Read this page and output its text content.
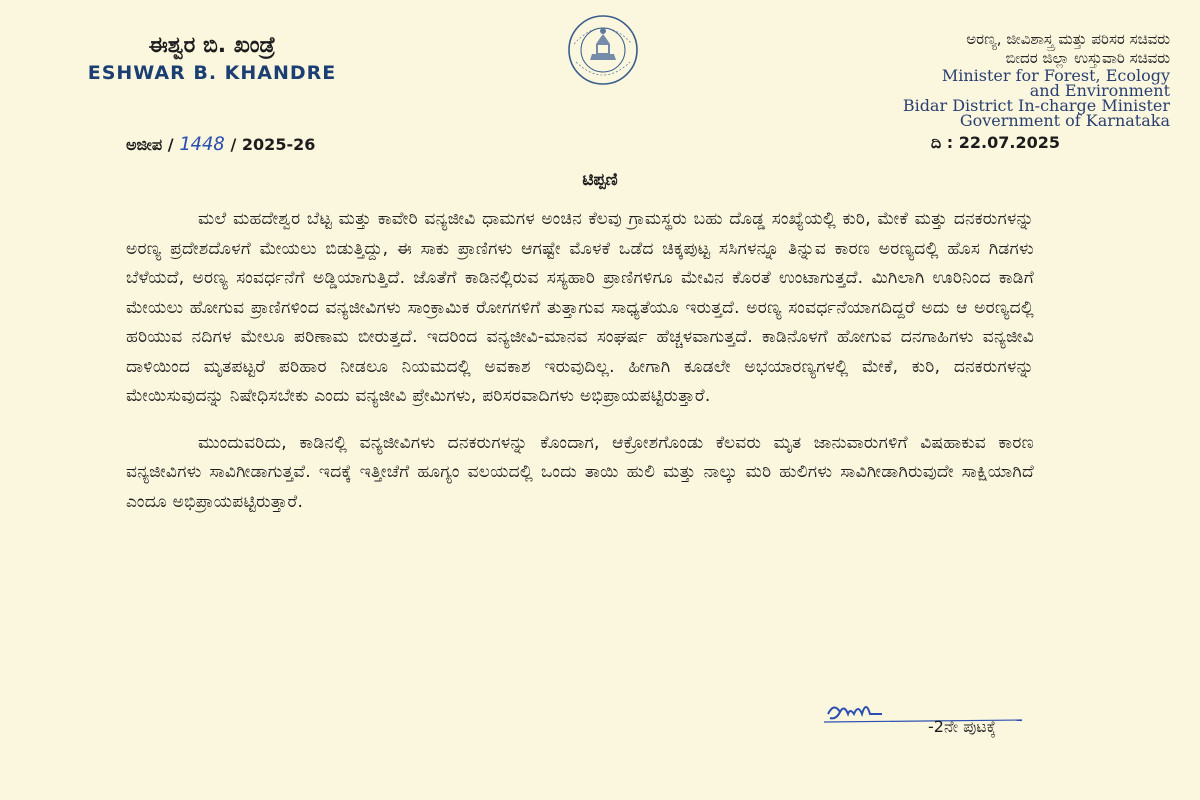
ಈಶ್ವರ ಬಿ. ಖಂಡ್ರೆ
ESHWAR B. KHANDRE
ಅರಣ್ಯ, ಜೀವಿಶಾಸ್ತ್ರ ಮತ್ತು ಪರಿಸರ ಸಚಿವರು
ಬೀದರ ಜಿಲ್ಲಾ ಉಸ್ತುವಾರಿ ಸಚಿವರು
Minister for Forest, Ecology
and Environment
Bidar District In-charge Minister
Government of Karnataka
ಅಜೀಪ / 1448 / 2025-26	ದಿ : 22.07.2025
ಟಿಪ್ಪಣಿ

ಮಲೆ ಮಹದೇಶ್ವರ ಬೆಟ್ಟ ಮತ್ತು ಕಾವೇರಿ ವನ್ಯಜೀವಿ ಧಾಮಗಳ ಅಂಚಿನ ಕೆಲವು ಗ್ರಾಮಸ್ಥರು ಬಹು ದೊಡ್ಡ ಸಂಖ್ಯೆಯಲ್ಲಿ ಕುರಿ, ಮೇಕೆ ಮತ್ತು ದನಕರುಗಳನ್ನು ಅರಣ್ಯ ಪ್ರದೇಶದೊಳಗೆ ಮೇಯಲು ಬಿಡುತ್ತಿದ್ದು, ಈ ಸಾಕು ಪ್ರಾಣಿಗಳು ಆಗಷ್ಟೇ ಮೊಳಕೆ ಒಡೆದ ಚಿಕ್ಕಪುಟ್ಟ ಸಸಿಗಳನ್ನೂ ತಿನ್ನುವ ಕಾರಣ ಅರಣ್ಯದಲ್ಲಿ ಹೊಸ ಗಿಡಗಳು ಬೆಳೆಯದೆ, ಅರಣ್ಯ ಸಂವರ್ಧನೆಗೆ ಅಡ್ಡಿಯಾಗುತ್ತಿದೆ. ಜೊತೆಗೆ ಕಾಡಿನಲ್ಲಿರುವ ಸಸ್ಯಹಾರಿ ಪ್ರಾಣಿಗಳಿಗೂ ಮೇವಿನ ಕೊರತೆ ಉಂಟಾಗುತ್ತದೆ. ಮಿಗಿಲಾಗಿ ಊರಿನಿಂದ ಕಾಡಿಗೆ ಮೇಯಲು ಹೋಗುವ ಪ್ರಾಣಿಗಳಿಂದ ವನ್ಯಜೀವಿಗಳು ಸಾಂಕ್ರಾಮಿಕ ರೋಗಗಳಿಗೆ ತುತ್ತಾಗುವ ಸಾಧ್ಯತೆಯೂ ಇರುತ್ತದೆ. ಅರಣ್ಯ ಸಂವರ್ಧನೆಯಾಗದಿದ್ದರೆ ಅದು ಆ ಅರಣ್ಯದಲ್ಲಿ ಹರಿಯುವ ನದಿಗಳ ಮೇಲೂ ಪರಿಣಾಮ ಬೀರುತ್ತದೆ. ಇದರಿಂದ ವನ್ಯಜೀವಿ-ಮಾನವ ಸಂಘರ್ಷ ಹೆಚ್ಚಳವಾಗುತ್ತದೆ. ಕಾಡಿನೊಳಗೆ ಹೋಗುವ ದನಗಾಹಿಗಳು ವನ್ಯಜೀವಿ ದಾಳಿಯಿಂದ ಮೃತಪಟ್ಟರೆ ಪರಿಹಾರ ನೀಡಲೂ ನಿಯಮದಲ್ಲಿ ಅವಕಾಶ ಇರುವುದಿಲ್ಲ. ಹೀಗಾಗಿ ಕೂಡಲೇ ಅಭಯಾರಣ್ಯಗಳಲ್ಲಿ ಮೇಕೆ, ಕುರಿ, ದನಕರುಗಳನ್ನು ಮೇಯಿಸುವುದನ್ನು ನಿಷೇಧಿಸಬೇಕು ಎಂದು ವನ್ಯಜೀವಿ ಪ್ರೇಮಿಗಳು, ಪರಿಸರವಾದಿಗಳು ಅಭಿಪ್ರಾಯಪಟ್ಟಿರುತ್ತಾರೆ.

ಮುಂದುವರಿದು, ಕಾಡಿನಲ್ಲಿ ವನ್ಯಜೀವಿಗಳು ದನಕರುಗಳನ್ನು ಕೊಂದಾಗ, ಆಕ್ರೋಶಗೊಂಡು ಕೆಲವರು ಮೃತ ಜಾನುವಾರುಗಳಿಗೆ ವಿಷಹಾಕುವ ಕಾರಣ ವನ್ಯಜೀವಿಗಳು ಸಾವಿಗೀಡಾಗುತ್ತವೆ. ಇದಕ್ಕೆ ಇತ್ತೀಚೆಗೆ ಹೂಗ್ಯಂ ವಲಯದಲ್ಲಿ ಒಂದು ತಾಯಿ ಹುಲಿ ಮತ್ತು ನಾಲ್ಕು ಮರಿ ಹುಲಿಗಳು ಸಾವಿಗೀಡಾಗಿರುವುದೇ ಸಾಕ್ಷಿಯಾಗಿದೆ ಎಂದೂ ಅಭಿಪ್ರಾಯಪಟ್ಟಿರುತ್ತಾರೆ.

-2ನೇ ಪುಟಕ್ಕೆ
